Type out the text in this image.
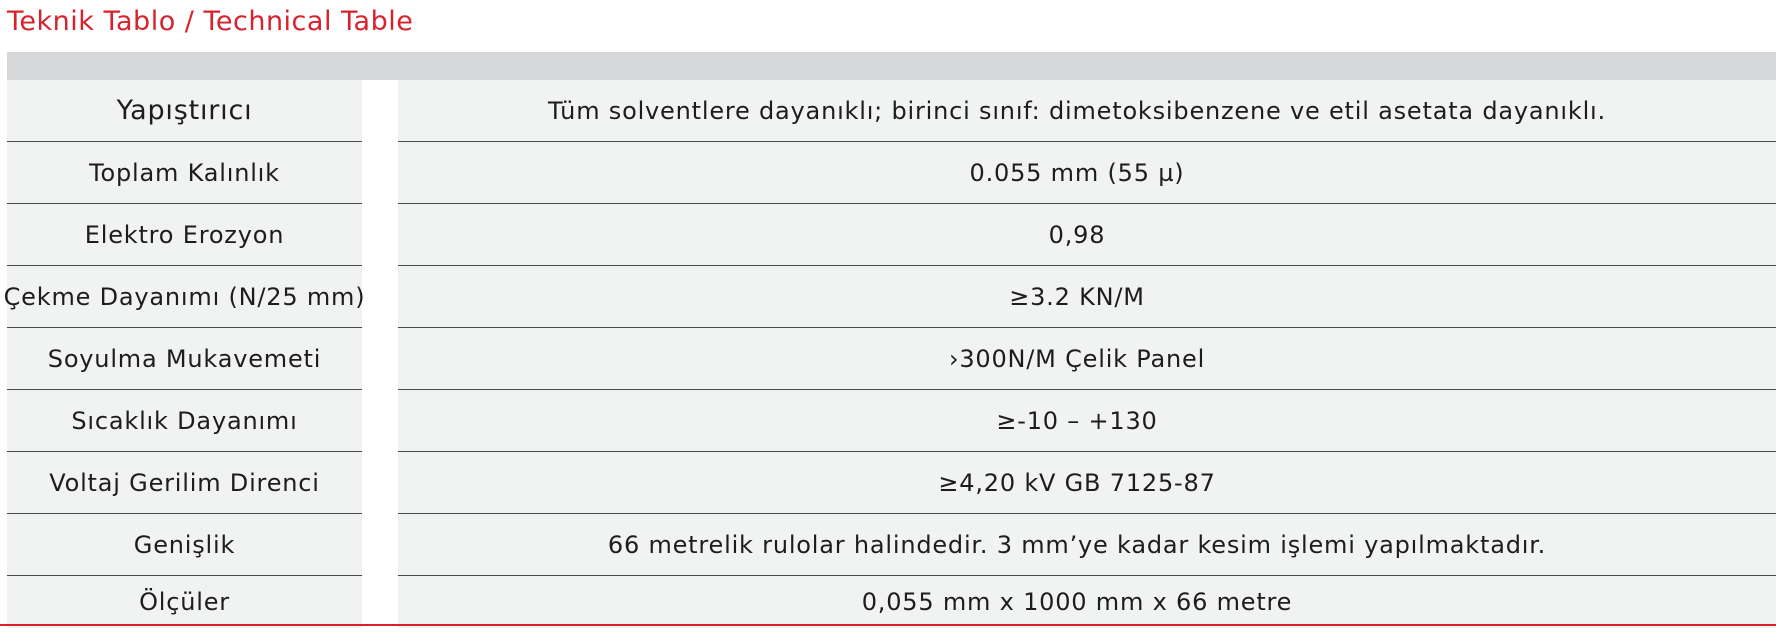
Teknik Tablo / Technical Table
Yapıştırıcı	Tüm solventlere dayanıklı; birinci sınıf: dimetoksibenzene ve etil asetata dayanıklı.
Toplam Kalınlık	0.055 mm (55 µ)
Elektro Erozyon	0,98
Çekme Dayanımı (N/25 mm)	≥3.2 KN/M
Soyulma Mukavemeti	›300N/M Çelik Panel
Sıcaklık Dayanımı	≥-10 – +130
Voltaj Gerilim Direnci	≥4,20 kV GB 7125-87
Genişlik	66 metrelik rulolar halindedir. 3 mm’ye kadar kesim işlemi yapılmaktadır.
Ölçüler	0,055 mm x 1000 mm x 66 metre
